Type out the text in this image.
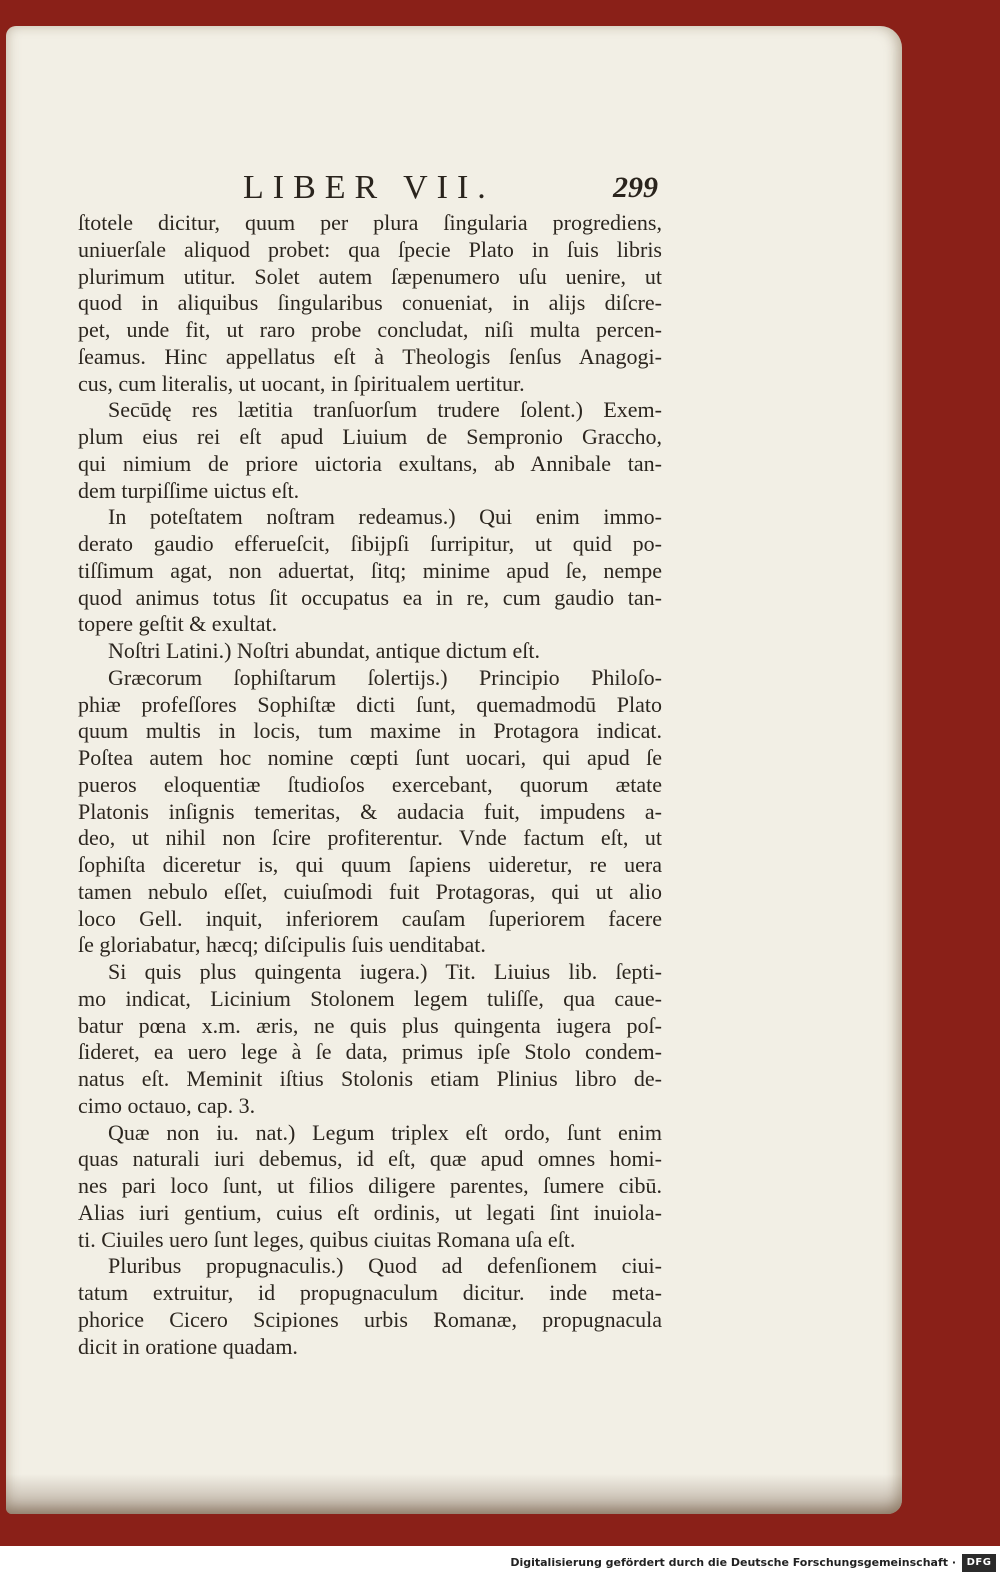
LIBER VII.	299
ſtotele dicitur, quum per plura ſingularia progrediens,
uniuerſale aliquod probet: qua ſpecie Plato in ſuis libris
plurimum utitur. Solet autem ſæpenumero uſu uenire, ut
quod in aliquibus ſingularibus conueniat, in alijs diſcre-
pet, unde fit, ut raro probe concludat, niſi multa percen-
ſeamus. Hinc appellatus eſt à Theologis ſenſus Anagogi-
cus, cum literalis, ut uocant, in ſpiritualem uertitur.
Secūdę res lætitia tranſuorſum trudere ſolent.) Exem-
plum eius rei eſt apud Liuium de Sempronio Graccho,
qui nimium de priore uictoria exultans, ab Annibale tan-
dem turpiſſime uictus eſt.
In poteſtatem noſtram redeamus.) Qui enim immo-
derato gaudio efferueſcit, ſibijpſi ſurripitur, ut quid po-
tiſſimum agat, non aduertat, ſitq; minime apud ſe, nempe
quod animus totus ſit occupatus ea in re, cum gaudio tan-
topere geſtit & exultat.
Noſtri Latini.) Noſtri abundat, antique dictum eſt.
Græcorum ſophiſtarum ſolertijs.) Principio Philoſo-
phiæ profeſſores Sophiſtæ dicti ſunt, quemadmodū Plato
quum multis in locis, tum maxime in Protagora indicat.
Poſtea autem hoc nomine cœpti ſunt uocari, qui apud ſe
pueros eloquentiæ ſtudioſos exercebant, quorum ætate
Platonis inſignis temeritas, & audacia fuit, impudens a-
deo, ut nihil non ſcire profiterentur. Vnde factum eſt, ut
ſophiſta diceretur is, qui quum ſapiens uideretur, re uera
tamen nebulo eſſet, cuiuſmodi fuit Protagoras, qui ut alio
loco Gell. inquit, inferiorem cauſam ſuperiorem facere
ſe gloriabatur, hæcq; diſcipulis ſuis uenditabat.
Si quis plus quingenta iugera.) Tit. Liuius lib. ſepti-
mo indicat, Licinium Stolonem legem tuliſſe, qua caue-
batur pœna x.m. æris, ne quis plus quingenta iugera poſ-
ſideret, ea uero lege à ſe data, primus ipſe Stolo condem-
natus eſt. Meminit iſtius Stolonis etiam Plinius libro de-
cimo octauo, cap. 3.
Quæ non iu. nat.) Legum triplex eſt ordo, ſunt enim
quas naturali iuri debemus, id eſt, quæ apud omnes homi-
nes pari loco ſunt, ut filios diligere parentes, ſumere cibū.
Alias iuri gentium, cuius eſt ordinis, ut legati ſint inuiola-
ti. Ciuiles uero ſunt leges, quibus ciuitas Romana uſa eſt.
Pluribus propugnaculis.) Quod ad defenſionem ciui-
tatum extruitur, id propugnaculum dicitur. inde meta-
phorice Cicero Scipiones urbis Romanæ, propugnacula
dicit in oratione quadam.
Digitalisierung gefördert durch die Deutsche Forschungsgemeinschaft ·	DFG
